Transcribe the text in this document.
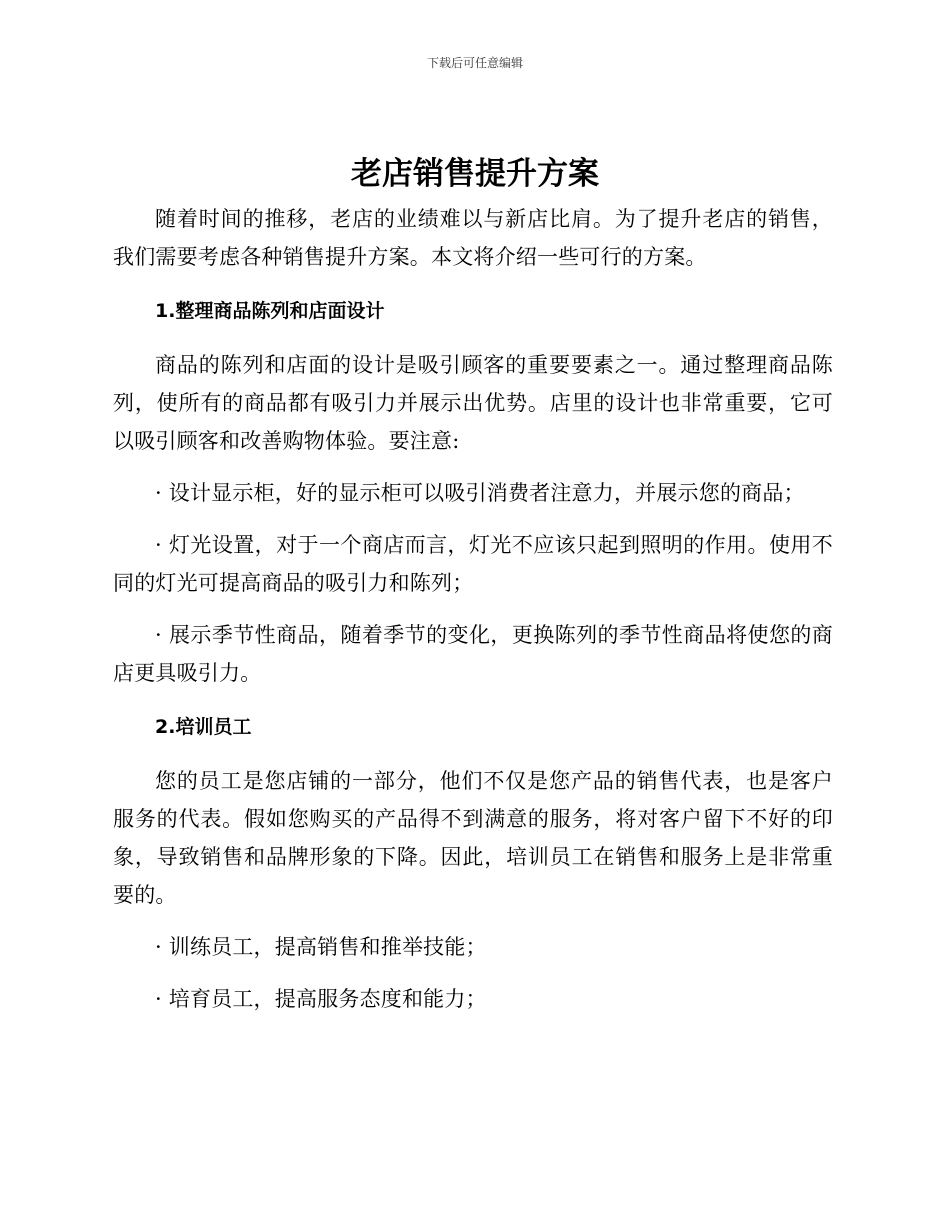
下载后可任意编辑
老店销售提升方案

随着时间的推移，老店的业绩难以与新店比肩。为了提升老店的销售，我们需要考虑各种销售提升方案。本文将介绍一些可行的方案。

1.整理商品陈列和店面设计

商品的陈列和店面的设计是吸引顾客的重要要素之一。通过整理商品陈列，使所有的商品都有吸引力并展示出优势。店里的设计也非常重要，它可以吸引顾客和改善购物体验。要注意:

· 设计显示柜，好的显示柜可以吸引消费者注意力，并展示您的商品；

· 灯光设置，对于一个商店而言，灯光不应该只起到照明的作用。使用不同的灯光可提高商品的吸引力和陈列；

· 展示季节性商品，随着季节的变化，更换陈列的季节性商品将使您的商店更具吸引力。

2.培训员工

您的员工是您店铺的一部分，他们不仅是您产品的销售代表，也是客户服务的代表。假如您购买的产品得不到满意的服务，将对客户留下不好的印象，导致销售和品牌形象的下降。因此，培训员工在销售和服务上是非常重要的。

· 训练员工，提高销售和推举技能；

· 培育员工，提高服务态度和能力；
